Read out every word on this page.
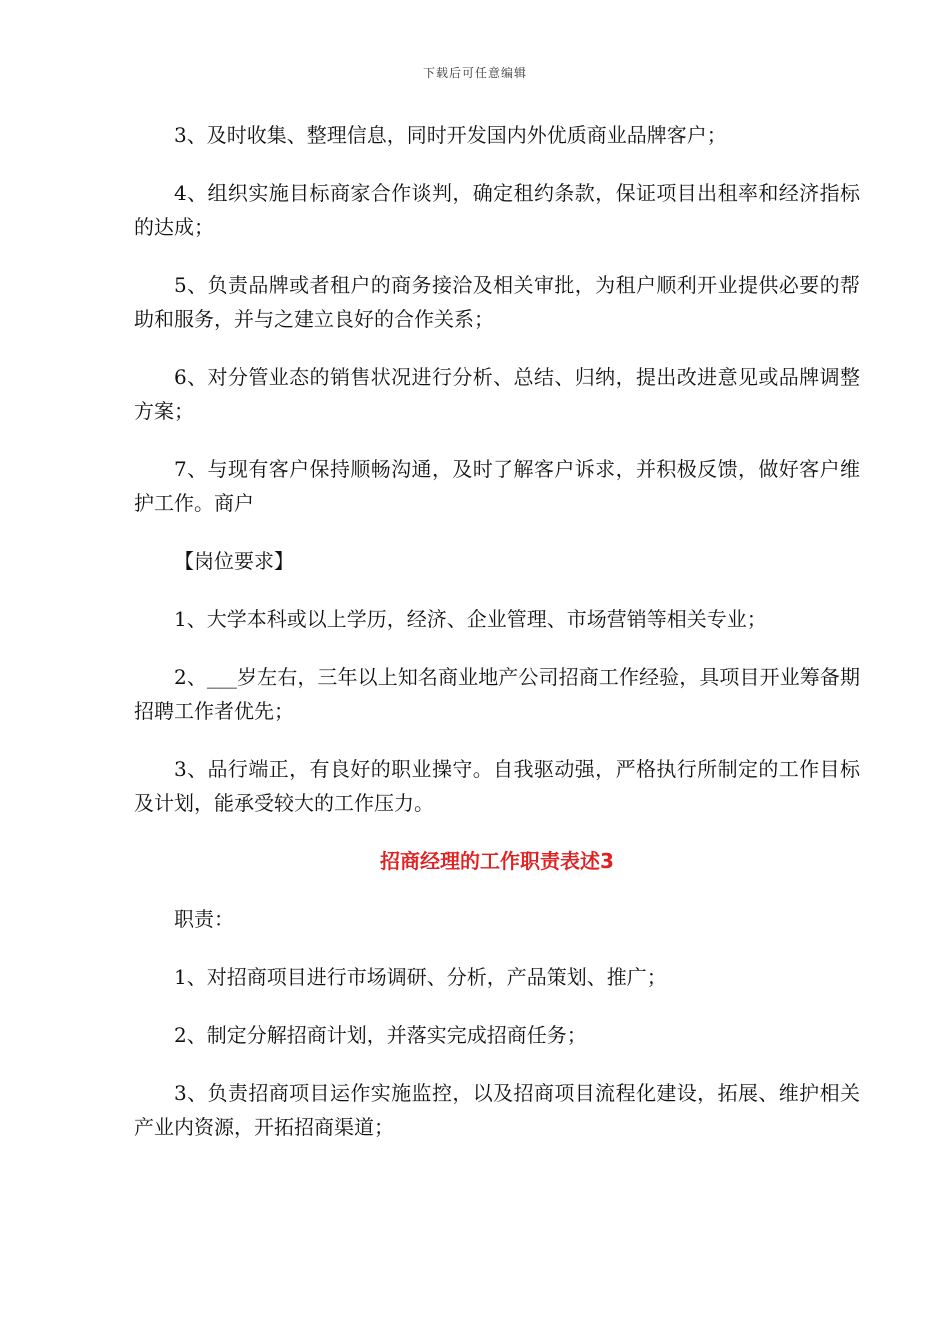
下载后可任意编辑

3、及时收集、整理信息，同时开发国内外优质商业品牌客户；

4、组织实施目标商家合作谈判，确定租约条款，保证项目出租率和经济指标的达成；

5、负责品牌或者租户的商务接洽及相关审批，为租户顺利开业提供必要的帮助和服务，并与之建立良好的合作关系；

6、对分管业态的销售状况进行分析、总结、归纳，提出改进意见或品牌调整方案；

7、与现有客户保持顺畅沟通，及时了解客户诉求，并积极反馈，做好客户维护工作。商户

【岗位要求】

1、大学本科或以上学历，经济、企业管理、市场营销等相关专业；

2、___岁左右，三年以上知名商业地产公司招商工作经验，具项目开业筹备期招聘工作者优先；

3、品行端正，有良好的职业操守。自我驱动强，严格执行所制定的工作目标及计划，能承受较大的工作压力。

招商经理的工作职责表述3

职责：

1、对招商项目进行市场调研、分析，产品策划、推广；

2、制定分解招商计划，并落实完成招商任务；

3、负责招商项目运作实施监控，以及招商项目流程化建设，拓展、维护相关产业内资源，开拓招商渠道；
